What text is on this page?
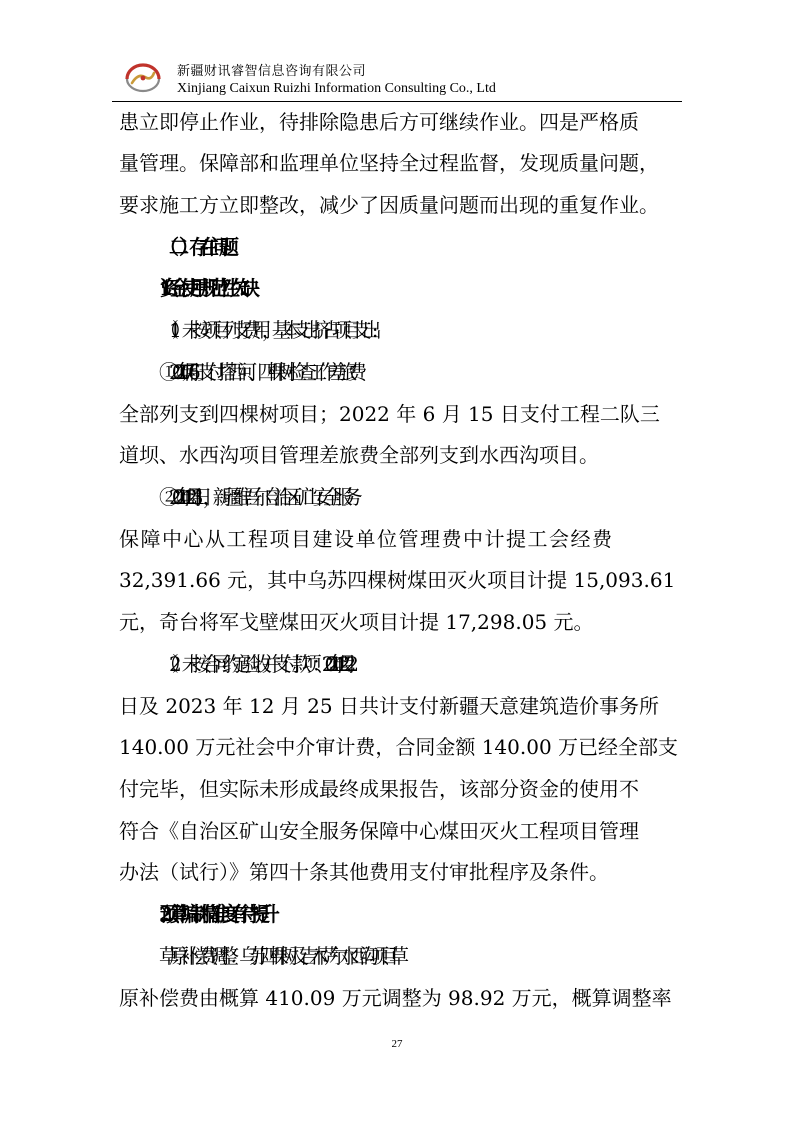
新疆财讯睿智信息咨询有限公司
Xinjiang Caixun Ruizhi Information Consulting Co., Ltd
患立即停止作业，待排除隐患后方可继续作业。四是严格质
量管理。保障部和监理单位坚持全过程监督，发现质量问题，
要求施工方立即整改，减少了因质量问题而出现的重复作业。
（二）存在问题
1.资金使用规范性欠缺
（1）未按项目列支费用，基本支出挤占项目支出:
①2021 年 7 月 6 日支付塔西河、四棵树检查工作差旅费
全部列支到四棵树项目；2022 年 6 月 15 日支付工程二队三
道坝、水西沟项目管理差旅费全部列支到水西沟项目。
②2021 年 12 月 31 日，新疆维吾尔自治区矿山安全服务
保障中心从工程项目建设单位管理费中计提工会经费
32,391.66 元，其中乌苏四棵树煤田灭火项目计提 15,093.61
元，奇台将军戈壁煤田灭火项目计提 17,298.05 元。
（2）未按合同约定验收并支付款项：2021 年 12 月 22
日及 2023 年 12 月 25 日共计支付新疆天意建筑造价事务所
140.00 万元社会中介审计费，合同金额 140.00 万已经全部支
付完毕，但实际未形成最终成果报告，该部分资金的使用不
符合《自治区矿山安全服务保障中心煤田灭火工程项目管理
办法（试行）》第四十条其他费用支付审批程序及条件。
2.预算编制精准度有待提升
草原补偿费调整：乌苏四棵树及吉木萨尔水西沟项目草
原补偿费由概算 410.09 万元调整为 98.92 万元，概算调整率
27
